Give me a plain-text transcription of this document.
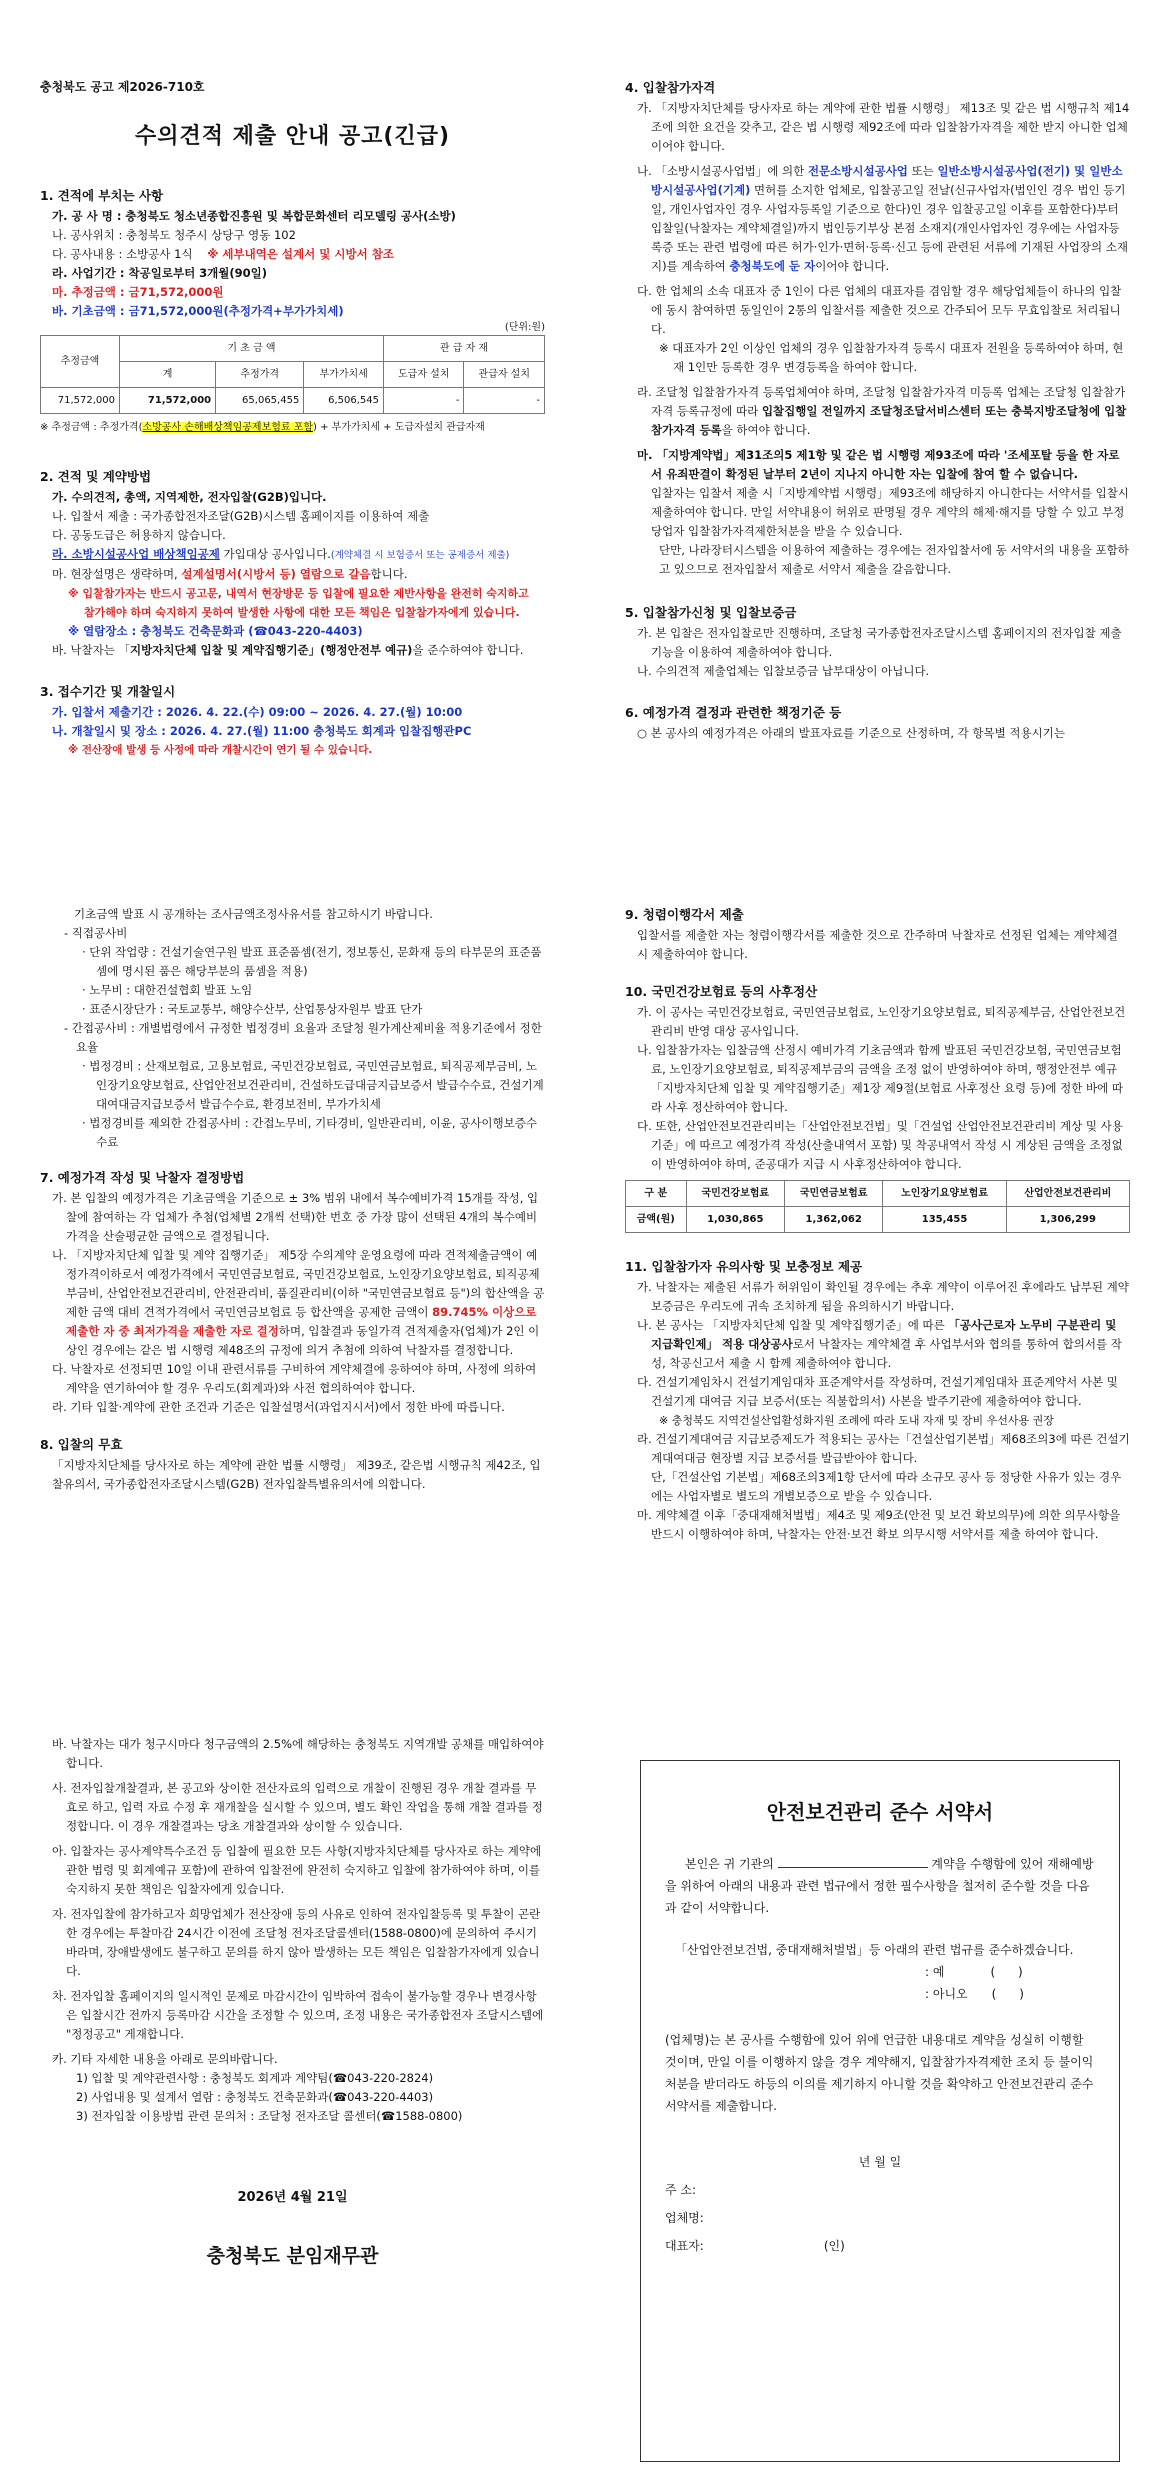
충청북도 공고 제2026-710호

수의견적 제출 안내 공고(긴급)

1. 견적에 부치는 사항

가. 공 사 명 : 충청북도 청소년종합진흥원 및 복합문화센터 리모델링 공사(소방)

나. 공사위치 : 충청북도 청주시 상당구 영동 102

다. 공사내용 : 소방공사 1식 ※ 세부내역은 설계서 및 시방서 참조

라. 사업기간 : 착공일로부터 3개월(90일)

마. 추정금액 : 금71,572,000원

바. 기초금액 : 금71,572,000원(추정가격+부가가치세)

(단위:원)

추정금액	기 초 금 액			관 급 자 재	
	계	추정가격	부가가치세	도급자 설치	관급자 설치
71,572,000	71,572,000	65,065,455	6,506,545	-	-

※ 추정금액 : 추정가격(소방공사 손해배상책임공제보험료 포함) + 부가가치세 + 도급자설치 관급자재

2. 견적 및 계약방법

가. 수의견적, 총액, 지역제한, 전자입찰(G2B)입니다.

나. 입찰서 제출 : 국가종합전자조달(G2B)시스템 홈페이지를 이용하여 제출

다. 공동도급은 허용하지 않습니다.

라. 소방시설공사업 배상책임공제 가입대상 공사입니다.(계약체결 시 보험증서 또는 공제증서 제출)

마. 현장설명은 생략하며, 설계설명서(시방서 등) 열람으로 갈음합니다.

※ 입찰참가자는 반드시 공고문, 내역서 현장방문 등 입찰에 필요한 제반사항을 완전히 숙지하고

참가해야 하며 숙지하지 못하여 발생한 사항에 대한 모든 책임은 입찰참가자에게 있습니다.

※ 열람장소 : 충청북도 건축문화과 (☎043-220-4403)

바. 낙찰자는 「지방자치단체 입찰 및 계약집행기준」(행정안전부 예규)을 준수하여야 합니다.

3. 접수기간 및 개찰일시

가. 입찰서 제출기간 : 2026. 4. 22.(수) 09:00 ~ 2026. 4. 27.(월) 10:00

나. 개찰일시 및 장소 : 2026. 4. 27.(월) 11:00 충청북도 회계과 입찰집행관PC

※ 전산장애 발생 등 사정에 따라 개찰시간이 연기 될 수 있습니다.

4. 입찰참가자격

가. 「지방자치단체를 당사자로 하는 계약에 관한 법률 시행령」 제13조 및 같은 법 시행규칙 제14조에 의한 요건을 갖추고, 같은 법 시행령 제92조에 따라 입찰참가자격을 제한 받지 아니한 업체이어야 합니다.

나. 「소방시설공사업법」에 의한 전문소방시설공사업 또는 일반소방시설공사업(전기) 및 일반소방시설공사업(기계) 면허를 소지한 업체로, 입찰공고일 전날(신규사업자(법인인 경우 법인 등기일, 개인사업자인 경우 사업자등록일 기준으로 한다)인 경우 입찰공고일 이후를 포함한다)부터 입찰일(낙찰자는 계약체결일)까지 법인등기부상 본점 소재지(개인사업자인 경우에는 사업자등록증 또는 관련 법령에 따른 허가·인가·면허·등록·신고 등에 관련된 서류에 기재된 사업장의 소재지)를 계속하여 충청북도에 둔 자이어야 합니다.

다. 한 업체의 소속 대표자 중 1인이 다른 업체의 대표자를 겸임할 경우 해당업체들이 하나의 입찰에 동시 참여하면 동일인이 2통의 입찰서를 제출한 것으로 간주되어 모두 무효입찰로 처리됩니다.

※ 대표자가 2인 이상인 업체의 경우 입찰참가자격 등록시 대표자 전원을 등록하여야 하며, 현재 1인만 등록한 경우 변경등록을 하여야 합니다.

라. 조달청 입찰참가자격 등록업체여야 하며, 조달청 입찰참가자격 미등록 업체는 조달청 입찰참가자격 등록규정에 따라 입찰집행일 전일까지 조달청조달서비스센터 또는 충북지방조달청에 입찰참가자격 등록을 하여야 합니다.

마. 「지방계약법」제31조의5 제1항 및 같은 법 시행령 제93조에 따라 '조세포탈 등을 한 자로서 유죄판결이 확정된 날부터 2년이 지나지 아니한 자는 입찰에 참여 할 수 없습니다.

입찰자는 입찰서 제출 시「지방계약법 시행령」제93조에 해당하지 아니한다는 서약서를 입찰시 제출하여야 합니다. 만일 서약내용이 허위로 판명될 경우 계약의 해제·해지를 당할 수 있고 부정당업자 입찰참가자격제한처분을 받을 수 있습니다.

단만, 나라장터시스템을 이용하여 제출하는 경우에는 전자입찰서에 동 서약서의 내용을 포함하고 있으므로 전자입찰서 제출로 서약서 제출을 갈음합니다.

5. 입찰참가신청 및 입찰보증금

가. 본 입찰은 전자입찰로만 진행하며, 조달청 국가종합전자조달시스템 홈페이지의 전자입찰 제출 기능을 이용하여 제출하여야 합니다.

나. 수의견적 제출업체는 입찰보증금 납부대상이 아닙니다.

6. 예정가격 결정과 관련한 책정기준 등

○ 본 공사의 예정가격은 아래의 발표자료를 기준으로 산정하며, 각 항목별 적용시기는

기초금액 발표 시 공개하는 조사금액조정사유서를 참고하시기 바랍니다.

- 직접공사비

· 단위 작업량 : 건설기술연구원 발표 표준품셈(전기, 정보통신, 문화재 등의 타부문의 표준품셈에 명시된 품은 해당부분의 품셈을 적용)

· 노무비 : 대한건설협회 발표 노임

· 표준시장단가 : 국토교통부, 해양수산부, 산업통상자원부 발표 단가

- 간접공사비 : 개별법령에서 규정한 법정경비 요율과 조달청 원가계산제비율 적용기준에서 정한 요율

· 법정경비 : 산재보험료, 고용보험료, 국민건강보험료, 국민연금보험료, 퇴직공제부금비, 노인장기요양보험료, 산업안전보건관리비, 건설하도급대금지급보증서 발급수수료, 건설기계대여대금지급보증서 발급수수료, 환경보전비, 부가가치세

· 법정경비를 제외한 간접공사비 : 간접노무비, 기타경비, 일반관리비, 이윤, 공사이행보증수수료

7. 예정가격 작성 및 낙찰자 결정방법

가. 본 입찰의 예정가격은 기초금액을 기준으로 ± 3% 범위 내에서 복수예비가격 15개를 작성, 입찰에 참여하는 각 업체가 추첨(업체별 2개씩 선택)한 번호 중 가장 많이 선택된 4개의 복수예비가격을 산술평균한 금액으로 결정됩니다.

나. 「지방자치단체 입찰 및 계약 집행기준」 제5장 수의계약 운영요령에 따라 견적제출금액이 예정가격이하로서 예정가격에서 국민연금보험료, 국민건강보험료, 노인장기요양보험료, 퇴직공제부금비, 산업안전보건관리비, 안전관리비, 품질관리비(이하 "국민연금보험료 등")의 합산액을 공제한 금액 대비 견적가격에서 국민연금보험료 등 합산액을 공제한 금액이 89.745% 이상으로 제출한 자 중 최저가격을 제출한 자로 결정하며, 입찰결과 동일가격 견적제출자(업체)가 2인 이상인 경우에는 같은 법 시행령 제48조의 규정에 의거 추첨에 의하여 낙찰자를 결정합니다.

다. 낙찰자로 선정되면 10일 이내 관련서류를 구비하여 계약체결에 응하여야 하며, 사정에 의하여 계약을 연기하여야 할 경우 우리도(회계과)와 사전 협의하여야 합니다.

라. 기타 입찰·계약에 관한 조건과 기준은 입찰설명서(과업지시서)에서 정한 바에 따릅니다.

8. 입찰의 무효

「지방자치단체를 당사자로 하는 계약에 관한 법률 시행령」 제39조, 같은법 시행규칙 제42조, 입찰유의서, 국가종합전자조달시스템(G2B) 전자입찰특별유의서에 의합니다.

9. 청렴이행각서 제출

입찰서를 제출한 자는 청렴이행각서를 제출한 것으로 간주하며 낙찰자로 선정된 업체는 계약체결 시 제출하여야 합니다.

10. 국민건강보험료 등의 사후정산

가. 이 공사는 국민건강보험료, 국민연금보험료, 노인장기요양보험료, 퇴직공제부금, 산업안전보건관리비 반영 대상 공사입니다.

나. 입찰참가자는 입찰금액 산정시 예비가격 기초금액과 함께 발표된 국민건강보험, 국민연금보험료, 노인장기요양보험료, 퇴직공제부금의 금액을 조정 없이 반영하여야 하며, 행정안전부 예규「지방자치단체 입찰 및 계약집행기준」제1장 제9절(보험료 사후정산 요령 등)에 정한 바에 따라 사후 정산하여야 합니다.

다. 또한, 산업안전보건관리비는「산업안전보건법」및「건설업 산업안전보건관리비 계상 및 사용기준」에 따르고 예정가격 작성(산출내역서 포함) 및 착공내역서 작성 시 계상된 금액을 조정없이 반영하여야 하며, 준공대가 지급 시 사후정산하여야 합니다.

구 분	국민건강보험료	국민연금보험료	노인장기요양보험료	산업안전보건관리비
금액(원)	1,030,865	1,362,062	135,455	1,306,299

11. 입찰참가자 유의사항 및 보충정보 제공

가. 낙찰자는 제출된 서류가 허위임이 확인될 경우에는 추후 계약이 이루어진 후에라도 납부된 계약보증금은 우리도에 귀속 조치하게 됨을 유의하시기 바랍니다.

나. 본 공사는 「지방자치단체 입찰 및 계약집행기준」에 따른 「공사근로자 노무비 구분관리 및 지급확인제」 적용 대상공사로서 낙찰자는 계약체결 후 사업부서와 협의를 통하여 합의서를 작성, 착공신고서 제출 시 함께 제출하여야 합니다.

다. 건설기계임차시 건설기계임대차 표준계약서를 작성하며, 건설기계임대차 표준계약서 사본 및 건설기계 대여금 지급 보증서(또는 직불합의서) 사본을 발주기관에 제출하여야 합니다.

※ 충청북도 지역건설산업활성화지원 조례에 따라 도내 자재 및 장비 우선사용 권장

라. 건설기계대여금 지급보증제도가 적용되는 공사는「건설산업기본법」제68조의3에 따른 건설기계대여대금 현장별 지급 보증서를 발급받아야 합니다.

단,「건설산업 기본법」제68조의3제1항 단서에 따라 소규모 공사 등 정당한 사유가 있는 경우에는 사업자별로 별도의 개별보증으로 받을 수 있습니다.

마. 계약체결 이후「중대재해처벌법」제4조 및 제9조(안전 및 보건 확보의무)에 의한 의무사항을 반드시 이행하여야 하며, 낙찰자는 안전·보건 확보 의무시행 서약서를 제출 하여야 합니다.

바. 낙찰자는 대가 청구시마다 청구금액의 2.5%에 해당하는 충청북도 지역개발 공채를 매입하여야 합니다.

사. 전자입찰개찰결과, 본 공고와 상이한 전산자료의 입력으로 개찰이 진행된 경우 개찰 결과를 무효로 하고, 입력 자료 수정 후 재개찰을 실시할 수 있으며, 별도 확인 작업을 통해 개찰 결과를 정정합니다. 이 경우 개찰결과는 당초 개찰결과와 상이할 수 있습니다.

아. 입찰자는 공사계약특수조건 등 입찰에 필요한 모든 사항(지방자치단체를 당사자로 하는 계약에 관한 법령 및 회계예규 포함)에 관하여 입찰전에 완전히 숙지하고 입찰에 참가하여야 하며, 이를 숙지하지 못한 책임은 입찰자에게 있습니다.

자. 전자입찰에 참가하고자 희망업체가 전산장애 등의 사유로 인하여 전자입찰등록 및 투찰이 곤란한 경우에는 투찰마감 24시간 이전에 조달청 전자조달콜센터(1588-0800)에 문의하여 주시기 바라며, 장애발생에도 불구하고 문의를 하지 않아 발생하는 모든 책임은 입찰참가자에게 있습니다.

차. 전자입찰 홈페이지의 일시적인 문제로 마감시간이 임박하여 접속이 불가능할 경우나 변경사항은 입찰시간 전까지 등록마감 시간을 조정할 수 있으며, 조정 내용은 국가종합전자 조달시스템에 "정정공고" 게재합니다.

카. 기타 자세한 내용을 아래로 문의바랍니다.

1) 입찰 및 계약관련사항 : 충청북도 회계과 계약팀(☎043-220-2824)

2) 사업내용 및 설계서 열람 : 충청북도 건축문화과(☎043-220-4403)

3) 전자입찰 이용방법 관련 문의처 : 조달청 전자조달 콜센터(☎1588-0800)

2026년 4월 21일

충청북도 분임재무관

안전보건관리 준수 서약서

본인은 귀 기관의	계약을 수행함에 있어 재해예방을 위하여 아래의 내용과 관련 법규에서 정한 필수사항을 철저히 준수할 것을 다음과 같이 서약합니다.

「산업안전보건법, 중대재해처벌법」등 아래의 관련 법규를 준수하겠습니다.

: 예	(      )

: 아니오 (      )

(업체명)는 본 공사를 수행함에 있어 위에 언급한 내용대로 계약을 성실히 이행할 것이며, 만일 이를 이행하지 않을 경우 계약해지, 입찰참가자격제한 조치 등 불이익 처분을 받더라도 하등의 이의를 제기하지 아니할 것을 확약하고 안전보건관리 준수서약서를 제출합니다.

년 월 일

주 소:

업체명:

대표자:	(인)
